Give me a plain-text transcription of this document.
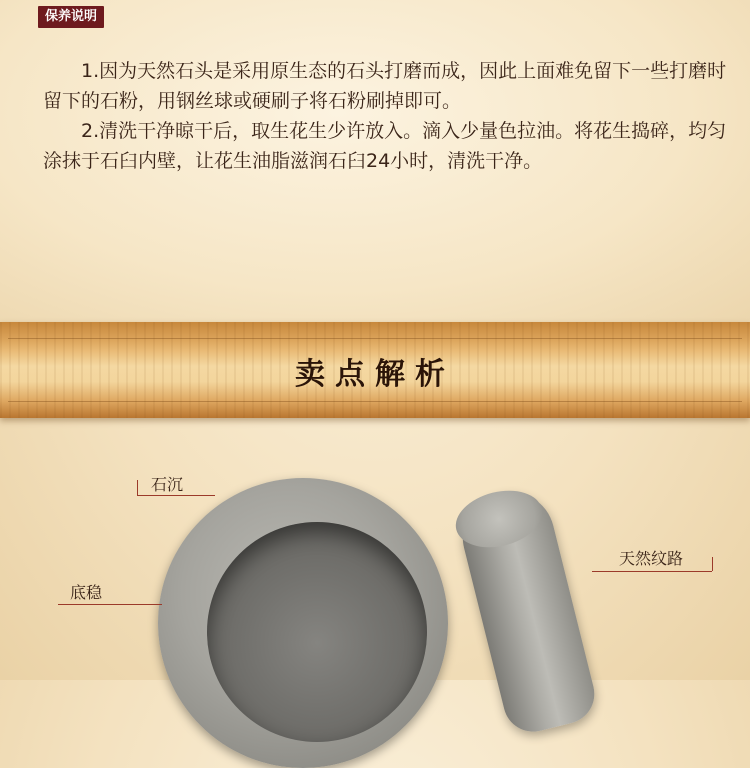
保养说明

1.因为天然石头是采用原生态的石头打磨而成，因此上面难免留下一些打磨时留下的石粉，用钢丝球或硬刷子将石粉刷掉即可。

2.清洗干净晾干后，取生花生少许放入。滴入少量色拉油。将花生捣碎，均匀涂抹于石臼内壁，让花生油脂滋润石臼24小时，清洗干净。

卖点解析
石沉
底稳
天然纹路
